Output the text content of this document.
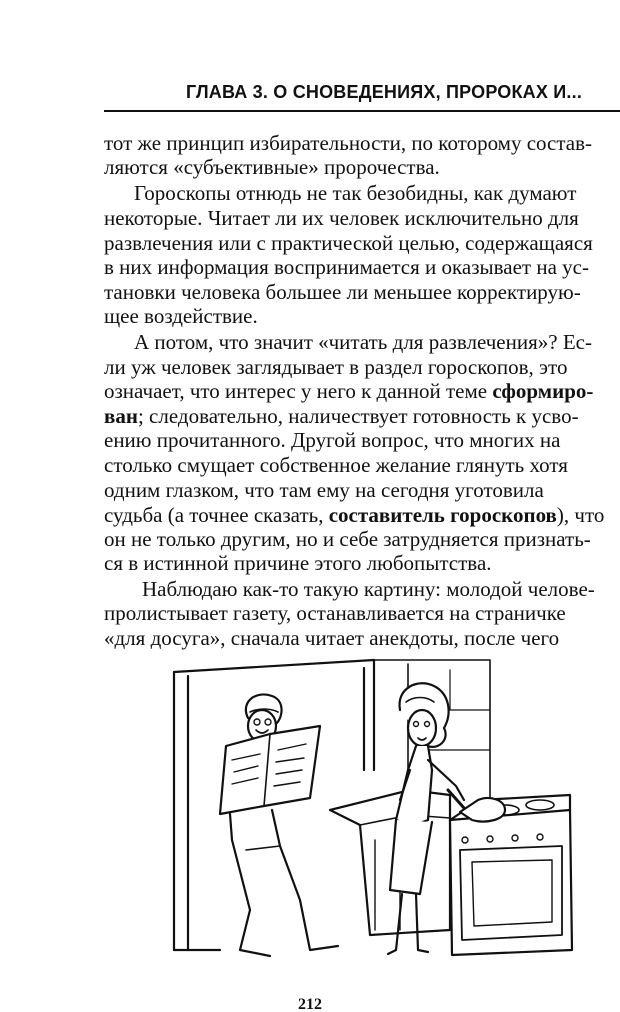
ГЛАВА 3. О СНОВЕДЕНИЯХ, ПРОРОКАХ И...
тот же принцип избирательности, по которому состав-
ляются «субъективные» пророчества.
Гороскопы отнюдь не так безобидны, как думают
некоторые. Читает ли их человек исключительно для
развлечения или с практической целью, содержащаяся
в них информация воспринимается и оказывает на ус-
тановки человека большее ли меньшее корректирую-
щее воздействие.
А потом, что значит «читать для развлечения»? Ес-
ли уж человек заглядывает в раздел гороскопов, это
означает, что интерес у него к данной теме сформиро-
ван; следовательно, наличествует готовность к усво-
ению прочитанного. Другой вопрос, что многих на
столько смущает собственное желание глянуть хотя
одним глазком, что там ему на сегодня уготовила
судьба (а точнее сказать, составитель гороскопов), что
он не только другим, но и себе затрудняется признать-
ся в истинной причине этого любопытства.
Наблюдаю как-то такую картину: молодой челове-
пролистывает газету, останавливается на страничке
«для досуга», сначала читает анекдоты, после чего
212
